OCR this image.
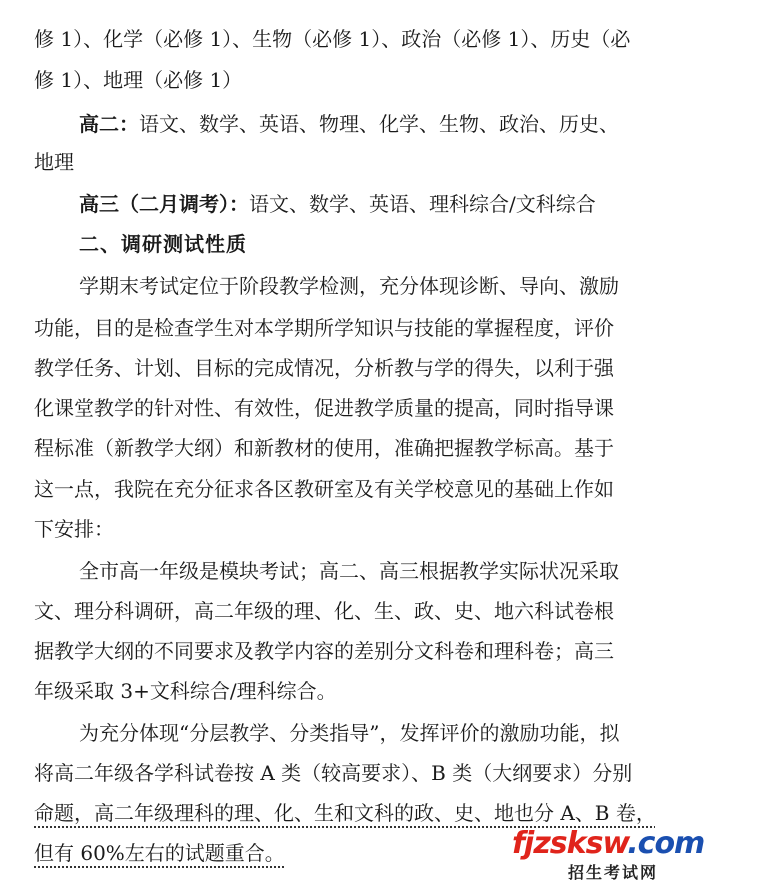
修 1）、化学（必修 1）、生物（必修 1）、政治（必修 1）、历史（必
修 1）、地理（必修 1）
高二：语文、数学、英语、物理、化学、生物、政治、历史、
地理
高三（二月调考）：语文、数学、英语、理科综合/文科综合
二、调研测试性质
学期末考试定位于阶段教学检测，充分体现诊断、导向、激励
功能，目的是检查学生对本学期所学知识与技能的掌握程度，评价
教学任务、计划、目标的完成情况，分析教与学的得失，以利于强
化课堂教学的针对性、有效性，促进教学质量的提高，同时指导课
程标准（新教学大纲）和新教材的使用，准确把握教学标高。基于
这一点，我院在充分征求各区教研室及有关学校意见的基础上作如
下安排：
全市高一年级是模块考试；高二、高三根据教学实际状况采取
文、理分科调研，高二年级的理、化、生、政、史、地六科试卷根
据教学大纲的不同要求及教学内容的差别分文科卷和理科卷；高三
年级采取 3+文科综合/理科综合。
为充分体现“分层教学、分类指导”，发挥评价的激励功能，拟
将高二年级各学科试卷按 A 类（较高要求）、B 类（大纲要求）分别
命题，高二年级理科的理、化、生和文科的政、史、地也分 A、B 卷，
但有 60%左右的试题重合。	fjzsksw.com
招生考试网
